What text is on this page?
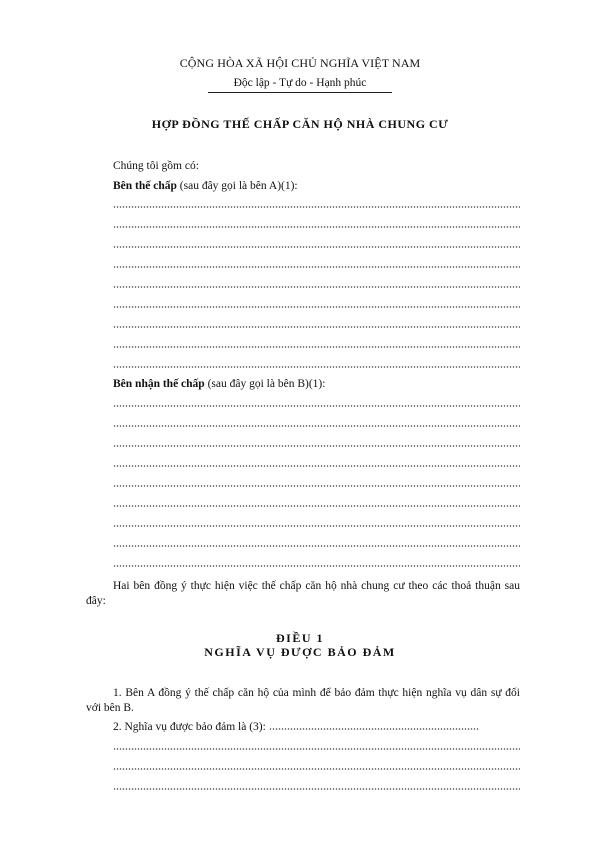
CỘNG HÒA XÃ HỘI CHỦ NGHĨA VIỆT NAM
Độc lập - Tự do - Hạnh phúc
HỢP ĐỒNG THẾ CHẤP CĂN HỘ NHÀ CHUNG CƯ
Chúng tôi gồm có:
Bên thế chấp (sau đây gọi là bên A)(1):
Bên nhận thế chấp (sau đây gọi là bên B)(1):
Hai bên đồng ý thực hiện việc thế chấp căn hộ nhà chung cư theo các thoả thuận sau đây:
ĐIỀU 1
NGHĨA VỤ ĐƯỢC BẢO ĐẢM
1. Bên A đồng ý thế chấp căn hộ của mình để bảo đảm thực hiện nghĩa vụ dân sự đối với bên B.
2. Nghĩa vụ được bảo đảm là (3):
